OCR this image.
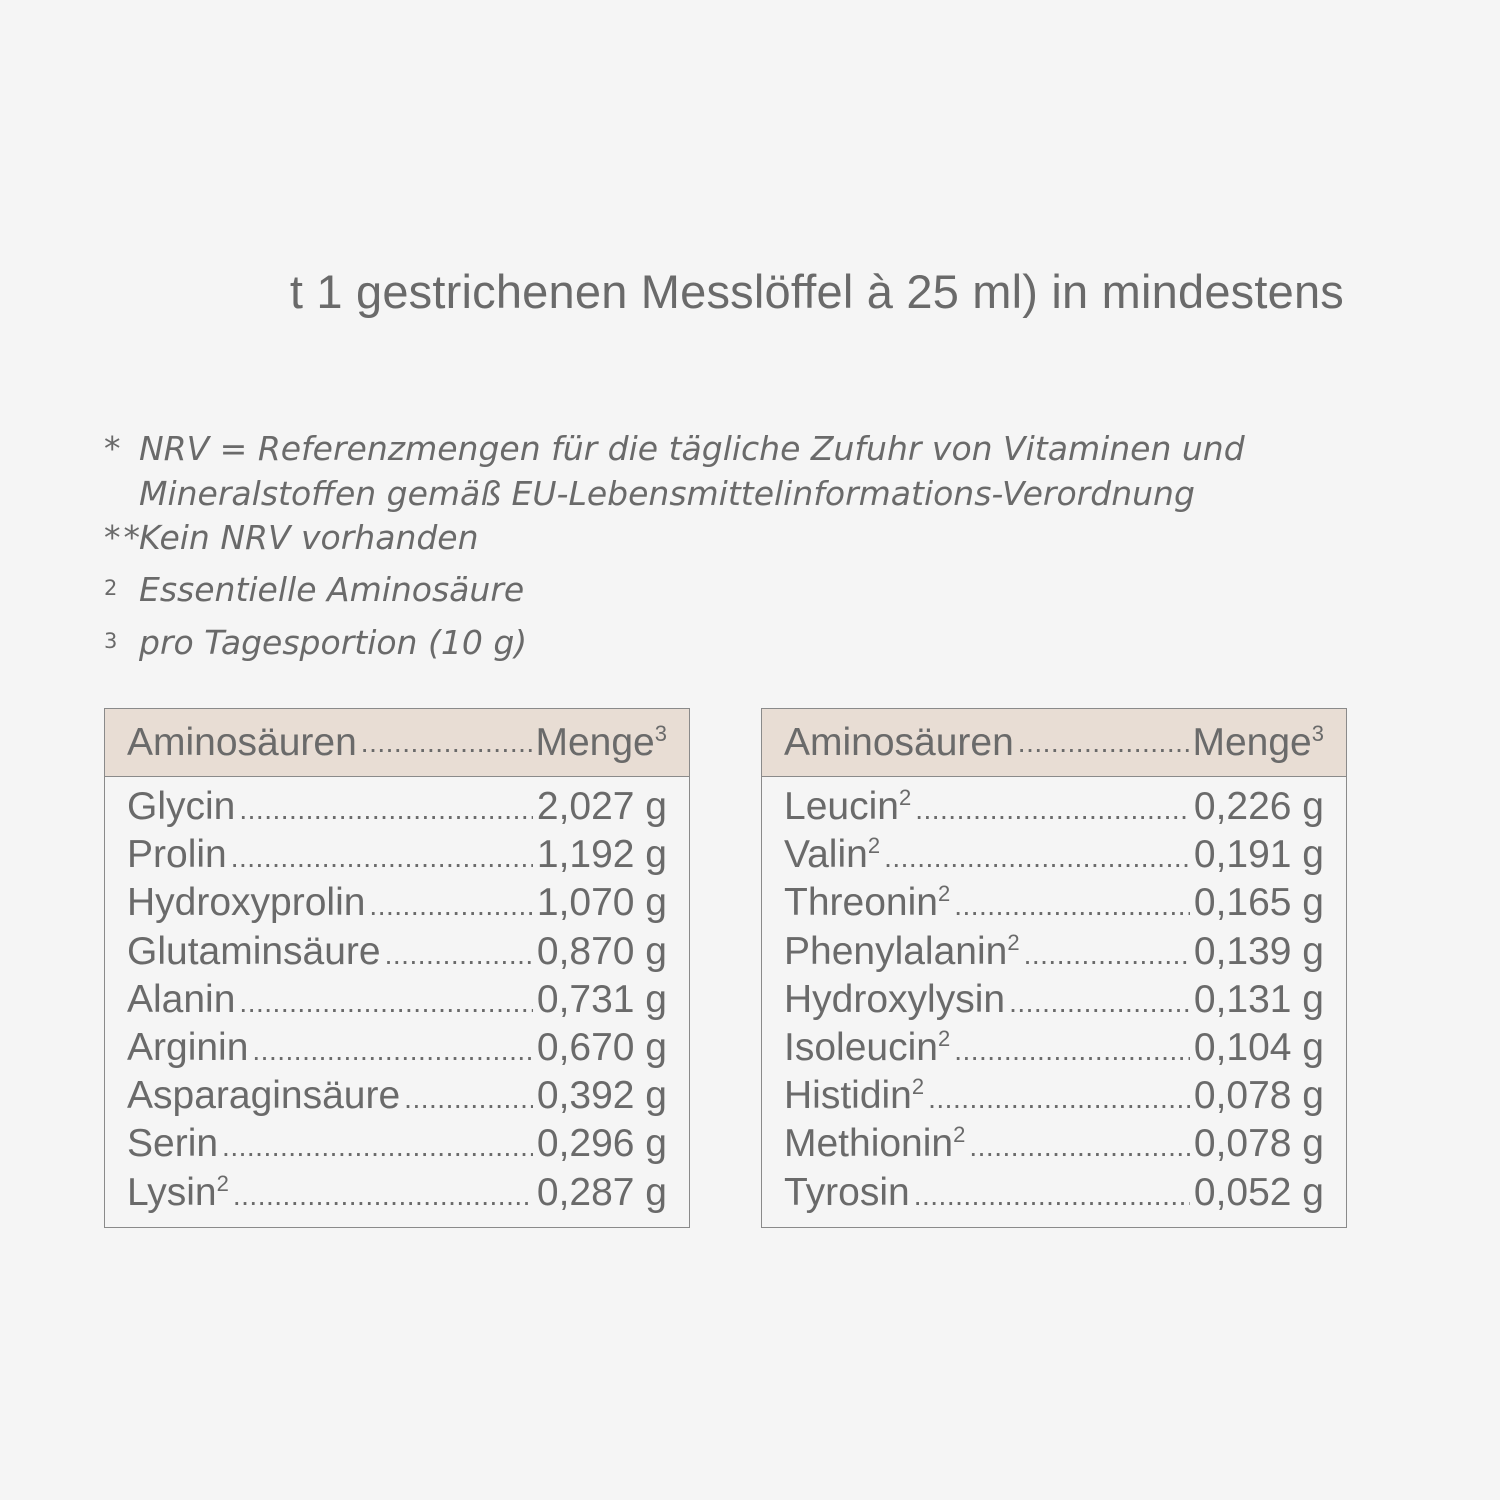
t 1 gestrichenen Messlöffel à 25 ml) in mindestens
* NRV = Referenzmengen für die tägliche Zufuhr von Vitaminen und
Mineralstoffen gemäß EU-Lebensmittelinformations-Verordnung
**
Kein NRV vorhanden
2 Essentielle Aminosäure
3 pro Tagesportion (10 g)
Aminosäuren .....	Menge$^3$
Glycin .....	2,027 g
Prolin .....	1,192 g
Hydroxyprolin .....	1,070 g
Glutaminsäure .....	0,870 g
Alanin .....	0,731 g
Arginin .....	0,670 g
Asparaginsäure .....	0,392 g
Serin .....	0,296 g
Lysin$^2$ .....	0,287 g
Aminosäuren .....	Menge$^3$
Leucin$^2$ .....	0,226 g
Valin$^2$ .....	0,191 g
Threonin$^2$ .....	0,165 g
Phenylalanin$^2$ .....	0,139 g
Hydroxylysin .....	0,131 g
Isoleucin$^2$ .....	0,104 g
Histidin$^2$ .....	0,078 g
Methionin$^2$ .....	0,078 g
Tyrosin .....	0,052 g
